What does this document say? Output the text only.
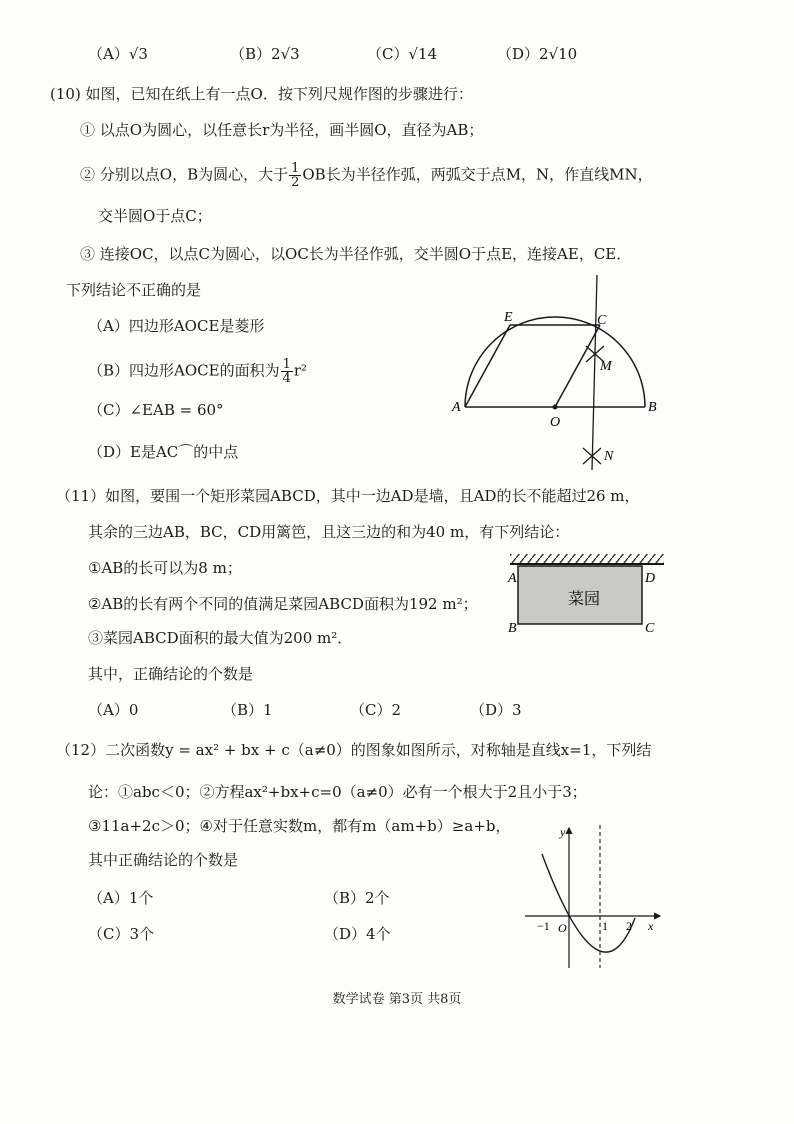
（A）√3	（B）2√3	（C）√14	（D）2√10
(10) 如图，已知在纸上有一点O．按下列尺规作图的步骤进行：
① 以点O为圆心，以任意长r为半径，画半圆O，直径为AB；
② 分别以点O，B为圆心，大于 $\frac{1}{2}$ OB长为半径作弧，两弧交于点M，N，作直线MN，
交半圆O于点C；
③ 连接OC，以点C为圆心，以OC长为半径作弧，交半圆O于点E，连接AE，CE．
下列结论不正确的是
（A）四边形AOCE是菱形
（B）四边形AOCE的面积为 $\frac{1}{4} r^2$
（C）∠EAB = 60°
（D）E是AC⌒的中点
A	B
O
E	C
M
N
（11）如图，要围一个矩形菜园ABCD，其中一边AD是墙，且AD的长不能超过26 m，
其余的三边AB，BC，CD用篱笆，且这三边的和为40 m，有下列结论：
①AB的长可以为8 m；
②AB的长有两个不同的值满足菜园ABCD面积为192 m²；
③菜园ABCD面积的最大值为200 m²．
其中，正确结论的个数是
（A）0	（B）1	（C）2	（D）3
菜园
A	D
B	C
（12）二次函数y = ax² + bx + c（a≠0）的图象如图所示，对称轴是直线x=1，下列结
论：①abc＜0；②方程ax²+bx+c=0（a≠0）必有一个根大于2且小于3；
③11a+2c＞0；④对于任意实数m，都有m（am+b）≥a+b，
其中正确结论的个数是
（A）1个	（B）2个
（C）3个	（D）4个
y
x
O
−1	1 2
数学试卷 第3页 共8页
